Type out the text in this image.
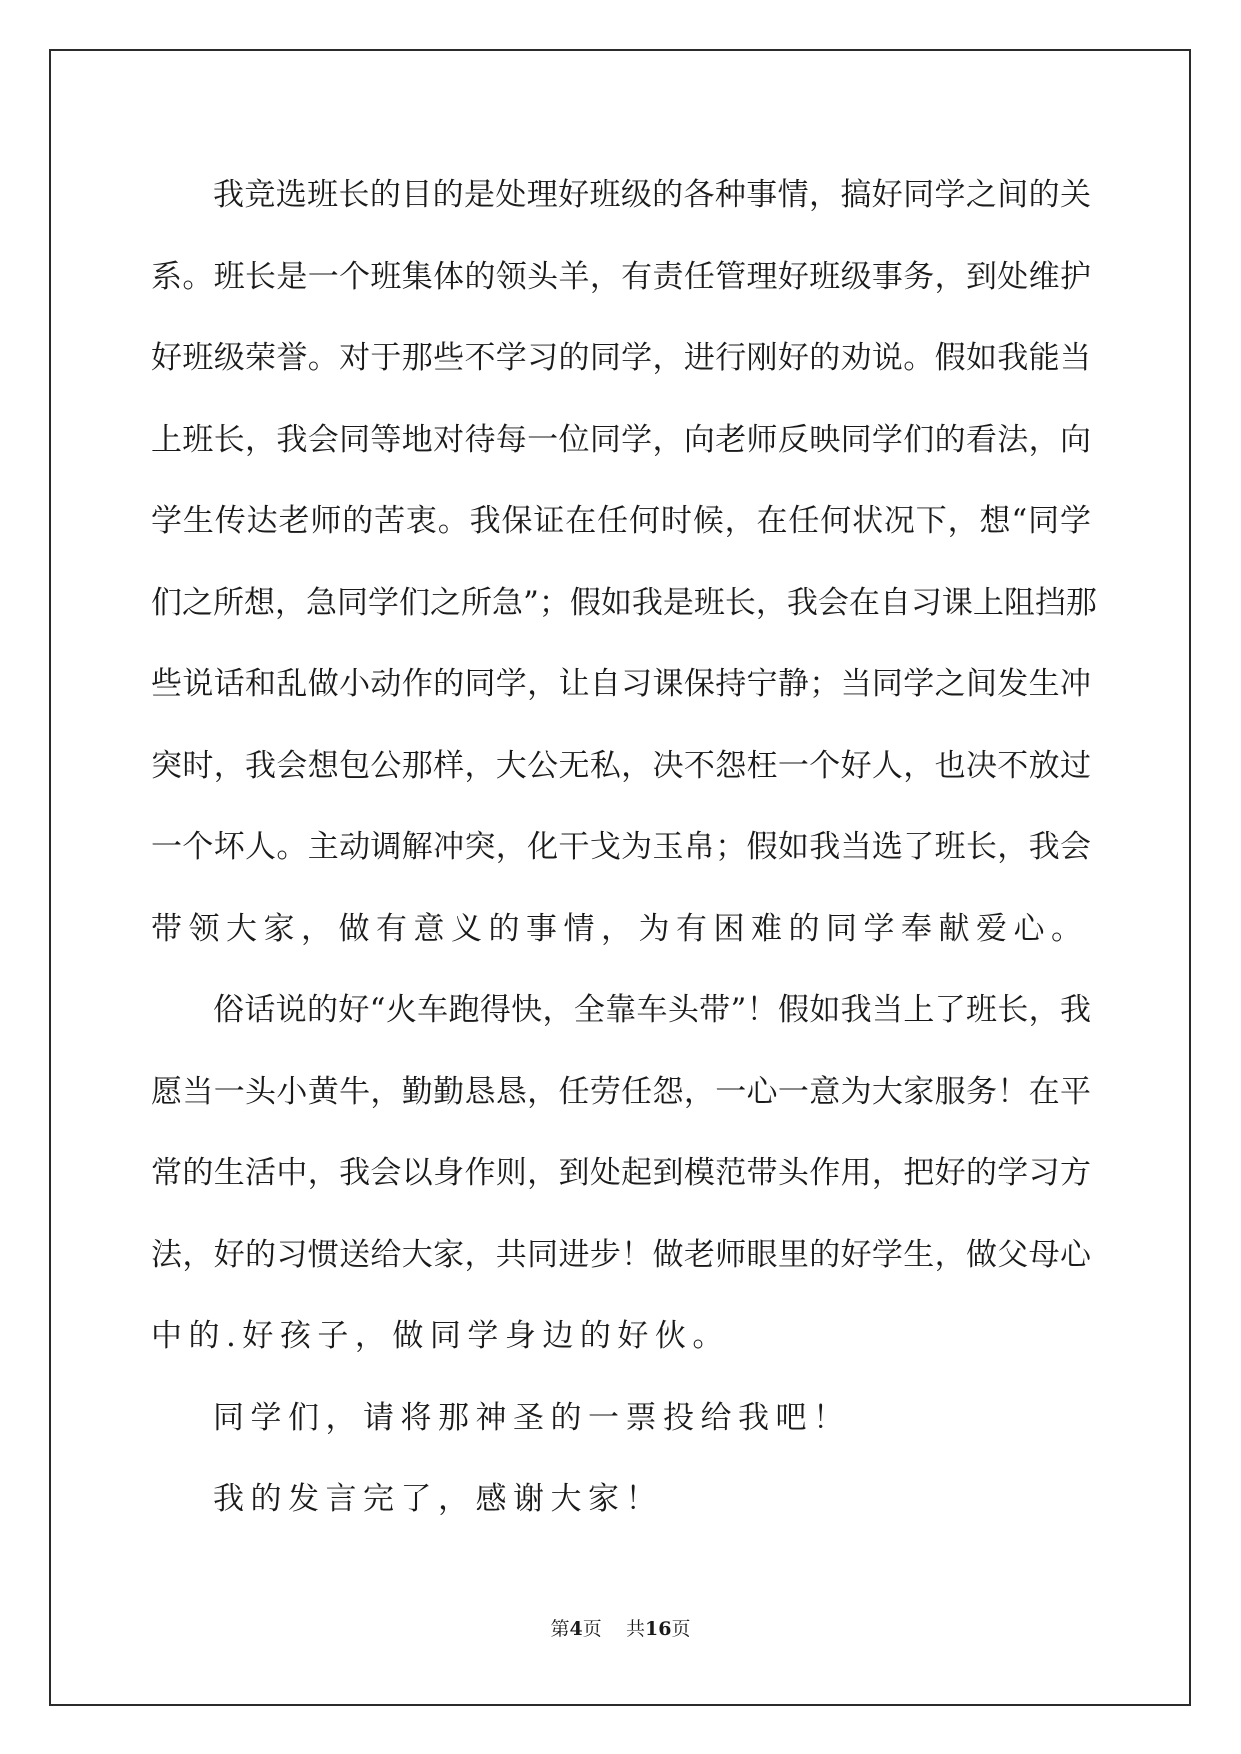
我竞选班长的目的是处理好班级的各种事情，搞好同学之间的关
系。班长是一个班集体的领头羊，有责任管理好班级事务，到处维护
好班级荣誉。对于那些不学习的同学，进行刚好的劝说。假如我能当
上班长，我会同等地对待每一位同学，向老师反映同学们的看法，向
学生传达老师的苦衷。我保证在任何时候，在任何状况下，想“同学
们之所想，急同学们之所急”；假如我是班长，我会在自习课上阻挡那
些说话和乱做小动作的同学，让自习课保持宁静；当同学之间发生冲
突时，我会想包公那样，大公无私，决不怨枉一个好人，也决不放过
一个坏人。主动调解冲突，化干戈为玉帛；假如我当选了班长，我会
带领大家，做有意义的事情，为有困难的同学奉献爱心。
俗话说的好“火车跑得快，全靠车头带”！假如我当上了班长，我
愿当一头小黄牛，勤勤恳恳，任劳任怨，一心一意为大家服务！在平
常的生活中，我会以身作则，到处起到模范带头作用，把好的学习方
法，好的习惯送给大家，共同进步！做老师眼里的好学生，做父母心
中的.好孩子，做同学身边的好伙。
同学们，请将那神圣的一票投给我吧！
我的发言完了，感谢大家！
第4页 共16页
